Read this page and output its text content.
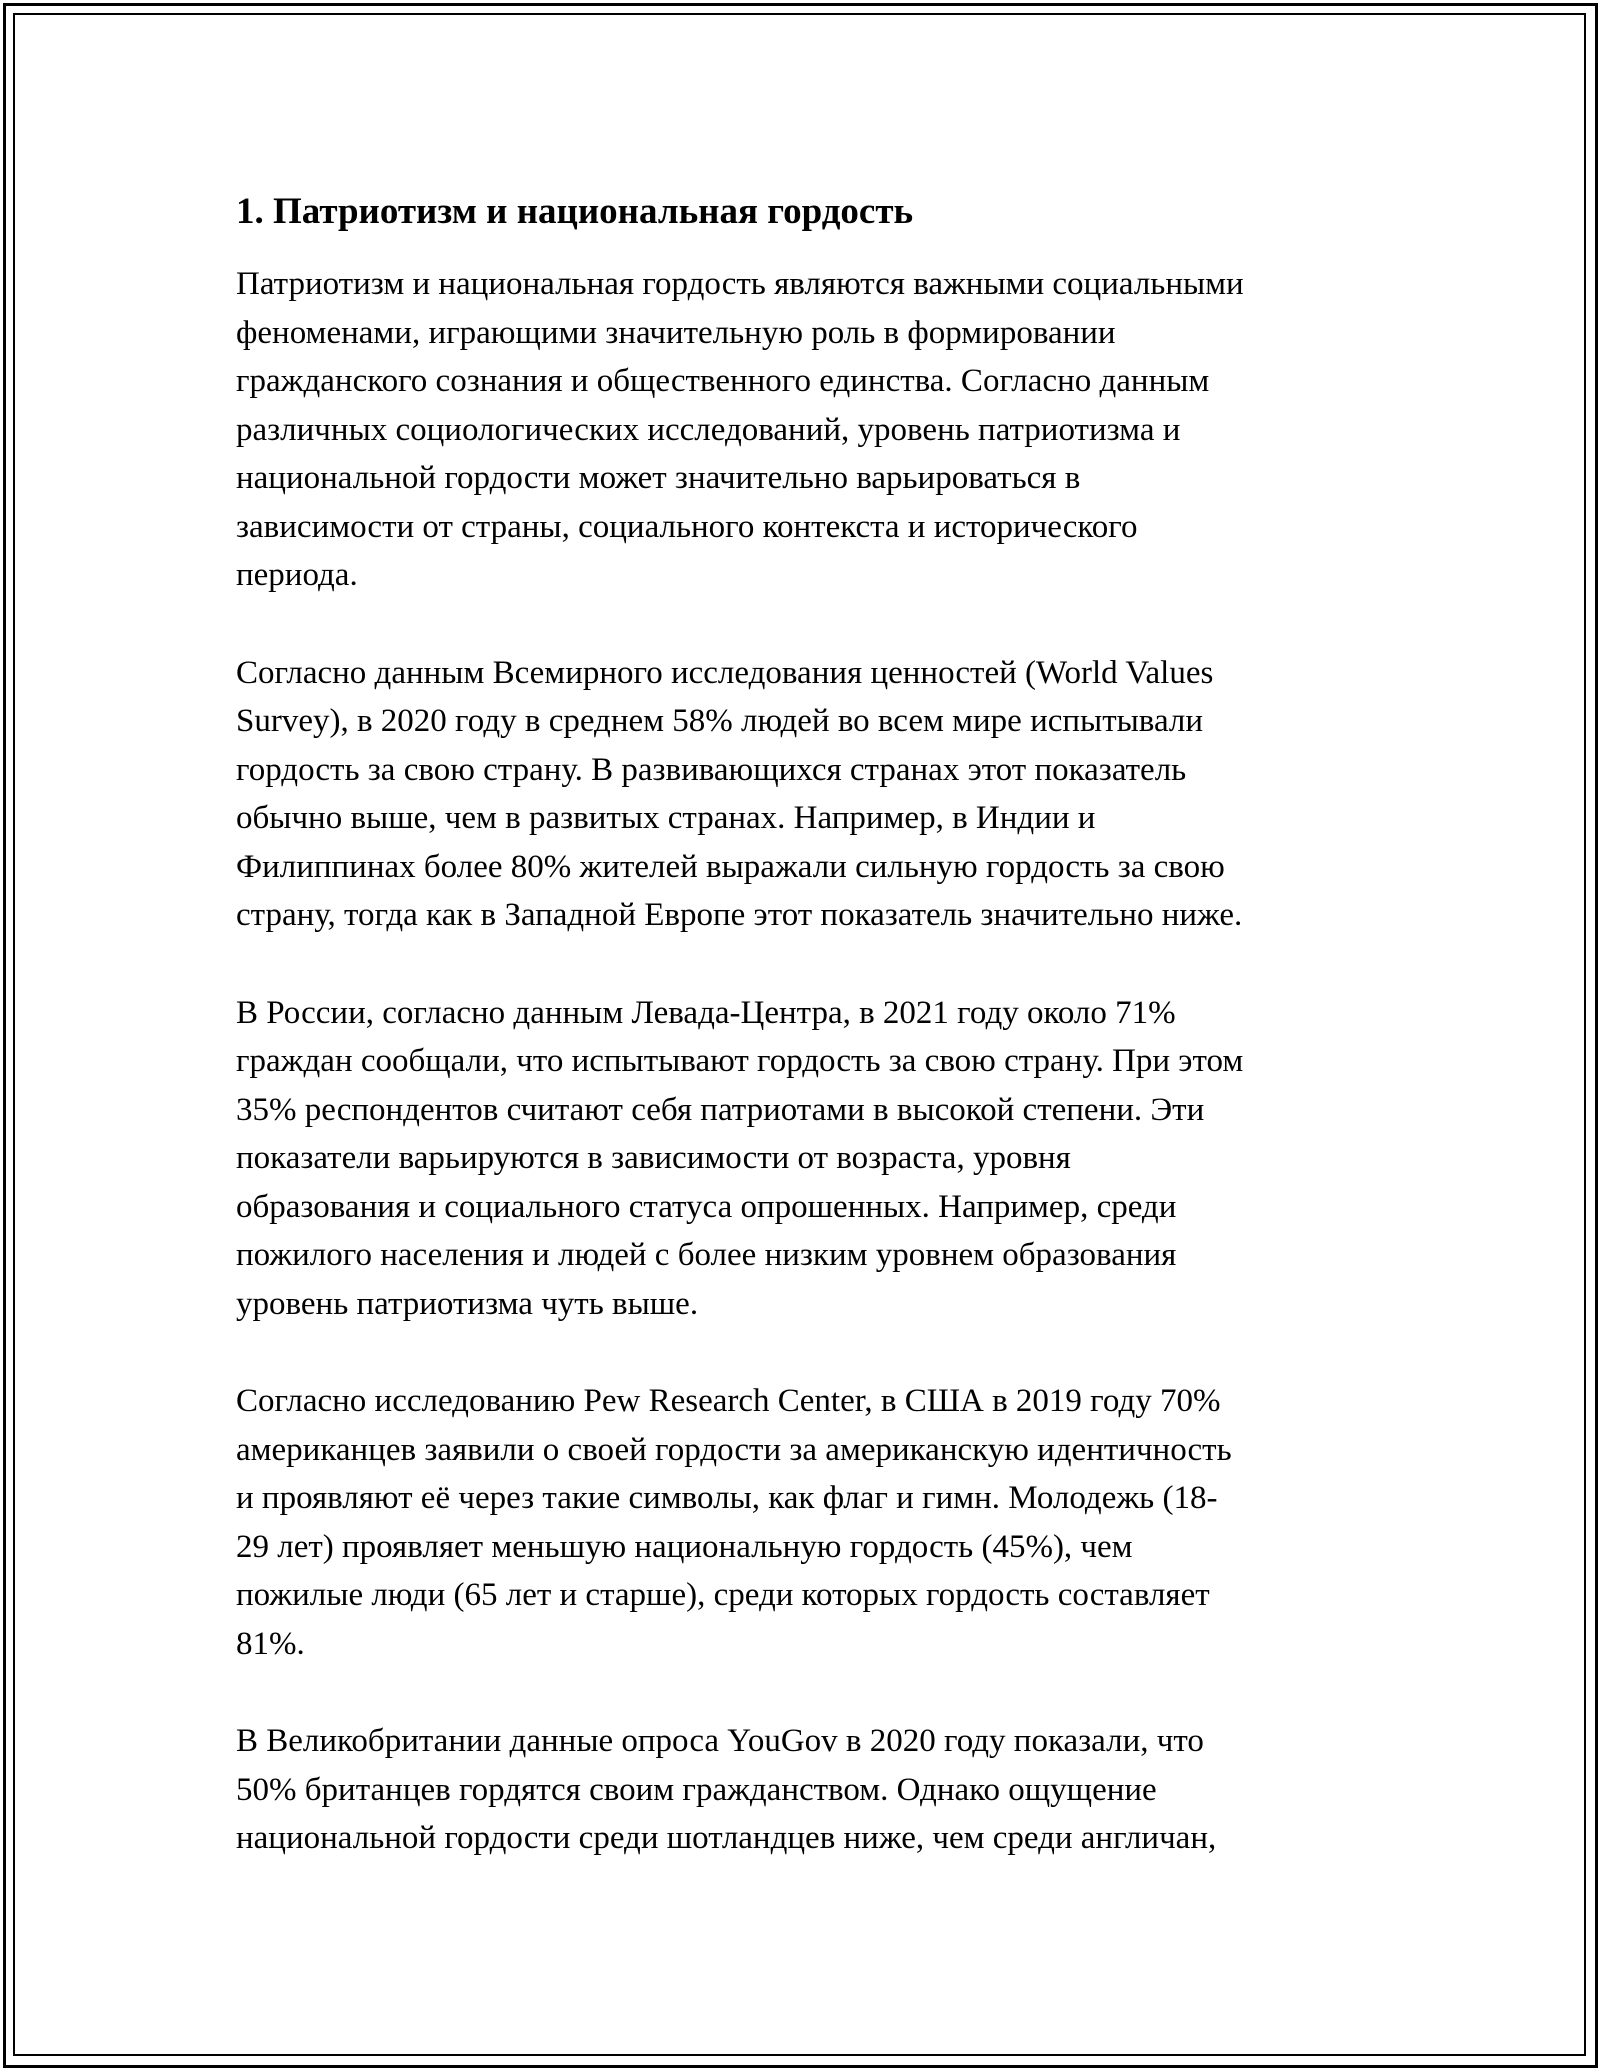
1. Патриотизм и национальная гордость

Патриотизм и национальная гордость являются важными социальными
феноменами, играющими значительную роль в формировании
гражданского сознания и общественного единства. Согласно данным
различных социологических исследований, уровень патриотизма и
национальной гордости может значительно варьироваться в
зависимости от страны, социального контекста и исторического
периода.

Согласно данным Всемирного исследования ценностей (World Values
Survey), в 2020 году в среднем 58% людей во всем мире испытывали
гордость за свою страну. В развивающихся странах этот показатель
обычно выше, чем в развитых странах. Например, в Индии и
Филиппинах более 80% жителей выражали сильную гордость за свою
страну, тогда как в Западной Европе этот показатель значительно ниже.

В России, согласно данным Левада-Центра, в 2021 году около 71%
граждан сообщали, что испытывают гордость за свою страну. При этом
35% респондентов считают себя патриотами в высокой степени. Эти
показатели варьируются в зависимости от возраста, уровня
образования и социального статуса опрошенных. Например, среди
пожилого населения и людей с более низким уровнем образования
уровень патриотизма чуть выше.

Согласно исследованию Pew Research Center, в США в 2019 году 70%
американцев заявили о своей гордости за американскую идентичность
и проявляют её через такие символы, как флаг и гимн. Молодежь (18-
29 лет) проявляет меньшую национальную гордость (45%), чем
пожилые люди (65 лет и старше), среди которых гордость составляет
81%.

В Великобритании данные опроса YouGov в 2020 году показали, что
50% британцев гордятся своим гражданством. Однако ощущение
национальной гордости среди шотландцев ниже, чем среди англичан,
